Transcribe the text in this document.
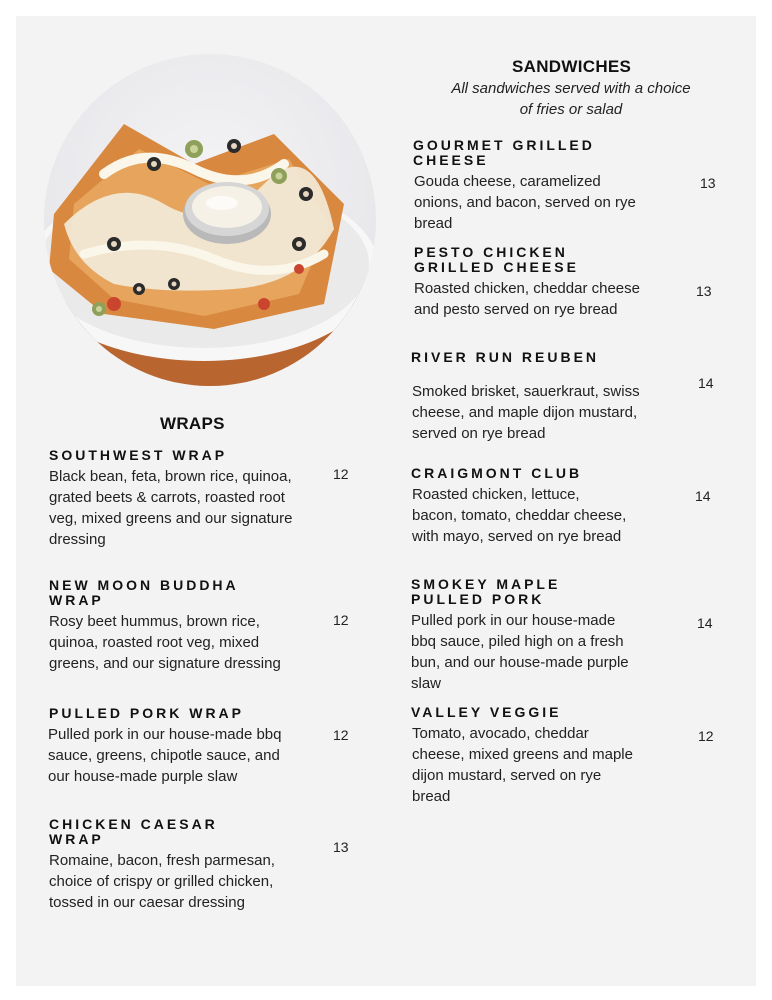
SANDWICHES
All sandwiches served with a choice
of fries or salad
GOURMET GRILLED CHEESE
Gouda cheese, caramelized onions, and bacon, served on rye bread
13
PESTO CHICKEN GRILLED CHEESE
Roasted chicken, cheddar cheese and pesto served on rye bread
13
RIVER RUN REUBEN
Smoked brisket, sauerkraut, swiss cheese, and maple dijon mustard, served on rye bread
14
CRAIGMONT CLUB
Roasted chicken, lettuce, bacon, tomato, cheddar cheese, with mayo, served on rye bread
14
SMOKEY MAPLE PULLED PORK
Pulled pork in our house-made bbq sauce, piled high on a fresh bun, and our house-made purple slaw
14
VALLEY VEGGIE
Tomato, avocado, cheddar cheese, mixed greens and maple dijon mustard, served on rye bread
12
WRAPS
SOUTHWEST WRAP
Black bean, feta, brown rice, quinoa, grated beets & carrots, roasted root veg, mixed greens and our signature dressing
12
NEW MOON BUDDHA WRAP
Rosy beet hummus, brown rice, quinoa, roasted root veg, mixed greens, and our signature dressing
12
PULLED PORK WRAP
Pulled pork in our house-made bbq sauce, greens, chipotle sauce, and our house-made purple slaw
12
CHICKEN CAESAR WRAP
Romaine, bacon, fresh parmesan, choice of crispy or grilled chicken, tossed in our caesar dressing
13
